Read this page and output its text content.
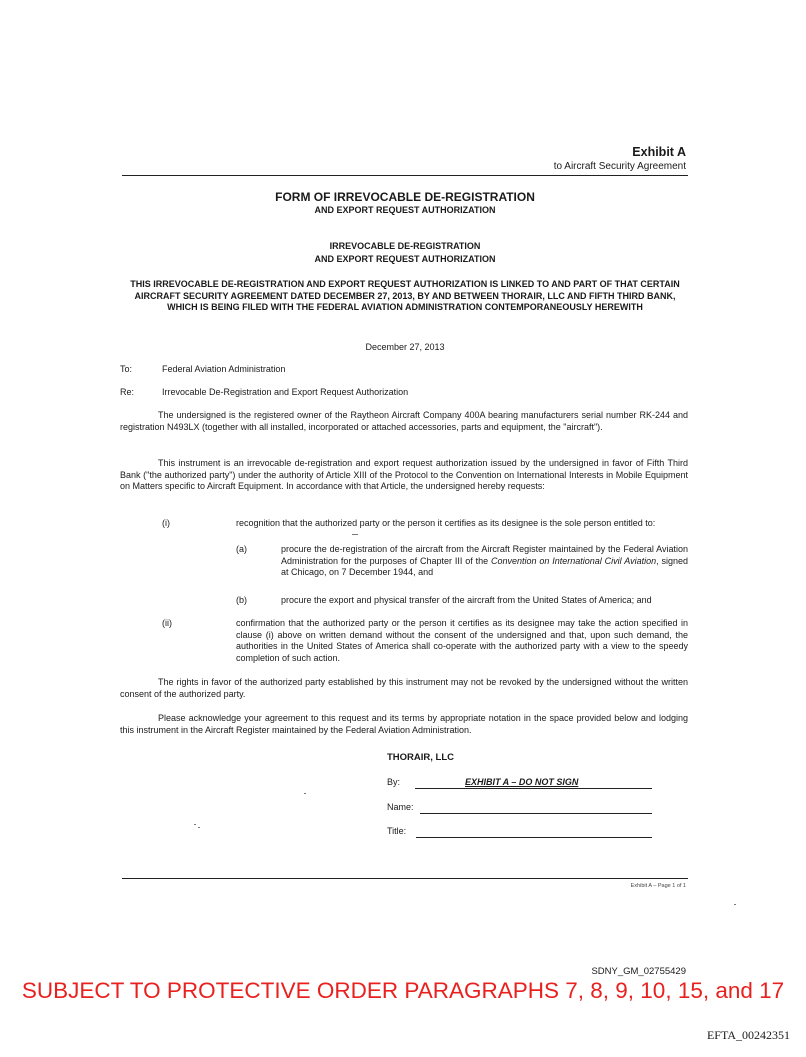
Exhibit A
to Aircraft Security Agreement
FORM OF IRREVOCABLE DE-REGISTRATION
AND EXPORT REQUEST AUTHORIZATION
IRREVOCABLE DE-REGISTRATION
AND EXPORT REQUEST AUTHORIZATION
THIS IRREVOCABLE DE-REGISTRATION AND EXPORT REQUEST AUTHORIZATION IS LINKED TO AND PART OF THAT CERTAIN AIRCRAFT SECURITY AGREEMENT DATED DECEMBER 27, 2013, BY AND BETWEEN THORAIR, LLC AND FIFTH THIRD BANK, WHICH IS BEING FILED WITH THE FEDERAL AVIATION ADMINISTRATION CONTEMPORANEOUSLY HEREWITH
December 27, 2013
To:	Federal Aviation Administration
Re:	Irrevocable De-Registration and Export Request Authorization
The undersigned is the registered owner of the Raytheon Aircraft Company 400A bearing manufacturers serial number RK-244 and registration N493LX (together with all installed, incorporated or attached accessories, parts and equipment, the "aircraft").
This instrument is an irrevocable de-registration and export request authorization issued by the undersigned in favor of Fifth Third Bank ("the authorized party") under the authority of Article XIII of the Protocol to the Convention on International Interests in Mobile Equipment on Matters specific to Aircraft Equipment. In accordance with that Article, the undersigned hereby requests:
(i)	recognition that the authorized party or the person it certifies as its designee is the sole person entitled to:
(a)	procure the de-registration of the aircraft from the Aircraft Register maintained by the Federal Aviation Administration for the purposes of Chapter III of the Convention on International Civil Aviation, signed at Chicago, on 7 December 1944, and
(b)	procure the export and physical transfer of the aircraft from the United States of America; and
(ii)	confirmation that the authorized party or the person it certifies as its designee may take the action specified in clause (i) above on written demand without the consent of the undersigned and that, upon such demand, the authorities in the United States of America shall co-operate with the authorized party with a view to the speedy completion of such action.
The rights in favor of the authorized party established by this instrument may not be revoked by the undersigned without the written consent of the authorized party.
Please acknowledge your agreement to this request and its terms by appropriate notation in the space provided below and lodging this instrument in the Aircraft Register maintained by the Federal Aviation Administration.
THORAIR, LLC
By:	EXHIBIT A – DO NOT SIGN
Name:
Title:
Exhibit A – Page 1 of 1
SDNY_GM_02755429
SUBJECT TO PROTECTIVE ORDER PARAGRAPHS 7, 8, 9, 10, 15, and 17
EFTA_00242351
